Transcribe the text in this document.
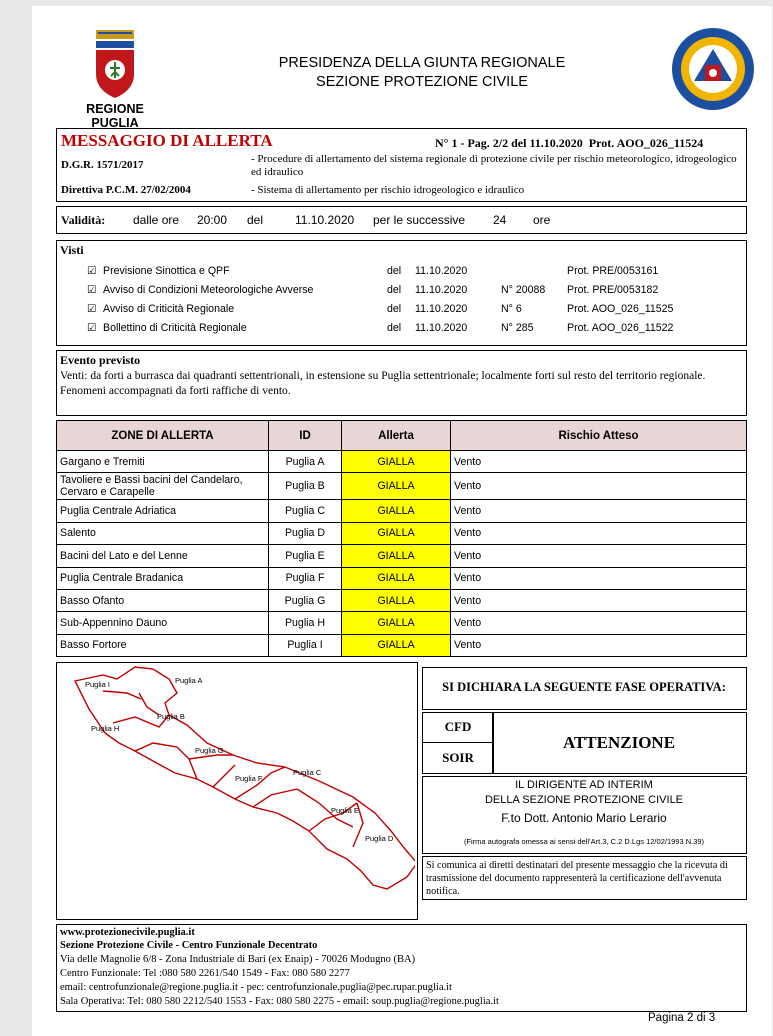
REGIONE PUGLIA
PRESIDENZA DELLA GIUNTA REGIONALE
SEZIONE PROTEZIONE CIVILE
MESSAGGIO DI ALLERTA	N° 1 - Pag. 2/2 del 11.10.2020  Prot. AOO_026_11524
D.G.R. 1571/2017	- Procedure di allertamento del sistema regionale di protezione civile per rischio meteorologico, idrogeologico ed idraulico
Direttiva P.C.M. 27/02/2004	- Sistema di allertamento per rischio idrogeologico e idraulico
Validità: dalle ore 20:00 del	11.10.2020 per le successive 24 ore
Visti
☑ Previsione Sinottica e QPF	del 11.10.2020	Prot. PRE/0053161
☑ Avviso di Condizioni Meteorologiche Avverse	del 11.10.2020	N° 20088 Prot. PRE/0053182
☑ Avviso di Criticità Regionale	del 11.10.2020	N° 6	Prot. AOO_026_11525
☑ Bollettino di Criticità Regionale	del 11.10.2020	N° 285	Prot. AOO_026_11522
Evento previsto
Venti: da forti a burrasca dai quadranti settentrionali, in estensione su Puglia settentrionale; localmente forti sul resto del territorio regionale. Fenomeni accompagnati da forti raffiche di vento.
ZONE DI ALLERTA	ID	Allerta	Rischio Atteso
Gargano e Tremiti	Puglia A	GIALLA	Vento
Tavoliere e Bassi bacini del Candelaro, Cervaro e Carapelle	Puglia B	GIALLA	Vento
Puglia Centrale Adriatica	Puglia C	GIALLA	Vento
Salento	Puglia D	GIALLA	Vento
Bacini del Lato e del Lenne	Puglia E	GIALLA	Vento
Puglia Centrale Bradanica	Puglia F	GIALLA	Vento
Basso Ofanto	Puglia G	GIALLA	Vento
Sub-Appennino Dauno	Puglia H	GIALLA	Vento
Basso Fortore	Puglia I	GIALLA	Vento
Puglia I	Puglia A
Puglia B
Puglia H
Puglia G
Puglia F
Puglia C
Puglia E
Puglia D
SI DICHIARA LA SEGUENTE FASE OPERATIVA:
CFD
SOIR
ATTENZIONE
IL DIRIGENTE AD INTERIM
DELLA SEZIONE PROTEZIONE CIVILE
F.to Dott. Antonio Mario Lerario
(Firma autografa omessa ai sensi dell’Art.3, C.2 D.Lgs 12/02/1993 N.39)
Si comunica ai diretti destinatari del presente messaggio che la ricevuta di trasmissione del documento rappresenterà la certificazione dell'avvenuta notifica.
www.protezionecivile.puglia.it
Sezione Protezione Civile - Centro Funzionale Decentrato
Via delle Magnolie 6/8 - Zona Industriale di Bari (ex Enaip) - 70026 Modugno (BA)
Centro Funzionale: Tel :080 580 2261/540 1549 - Fax: 080 580 2277
email: centrofunzionale@regione.puglia.it - pec: centrofunzionale.puglia@pec.rupar.puglia.it
Sala Operativa: Tel: 080 580 2212/540 1553 - Fax: 080 580 2275 - email: soup.puglia@regione.puglia.it
Pagina 2 di 3
